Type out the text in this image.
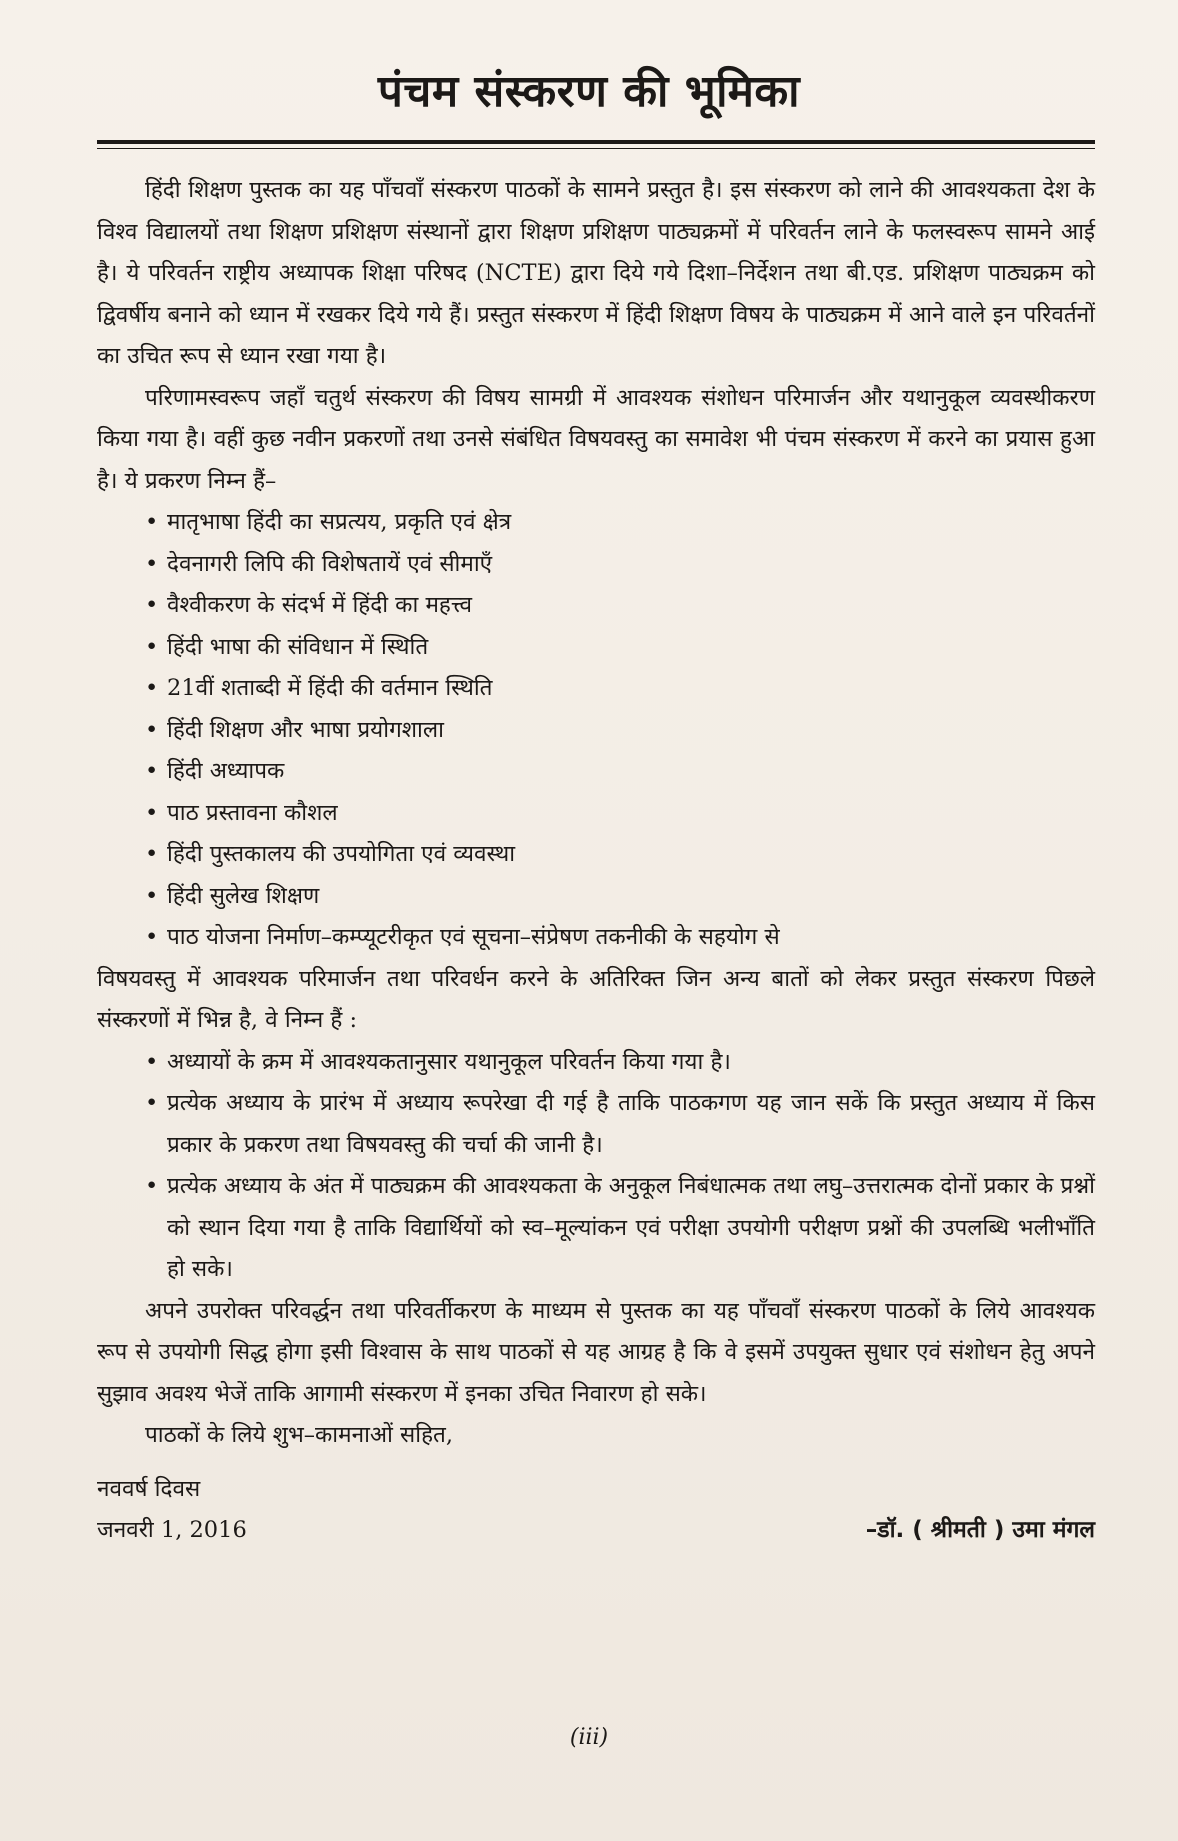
पंचम संस्करण की भूमिका

हिंदी शिक्षण पुस्तक का यह पाँचवाँ संस्करण पाठकों के सामने प्रस्तुत है। इस संस्करण को लाने की आवश्यकता देश के विश्व विद्यालयों तथा शिक्षण प्रशिक्षण संस्थानों द्वारा शिक्षण प्रशिक्षण पाठ्यक्रमों में परिवर्तन लाने के फलस्वरूप सामने आई है। ये परिवर्तन राष्ट्रीय अध्यापक शिक्षा परिषद (NCTE) द्वारा दिये गये दिशा–निर्देशन तथा बी.एड. प्रशिक्षण पाठ्यक्रम को द्विवर्षीय बनाने को ध्यान में रखकर दिये गये हैं। प्रस्तुत संस्करण में हिंदी शिक्षण विषय के पाठ्यक्रम में आने वाले इन परिवर्तनों का उचित रूप से ध्यान रखा गया है।

परिणामस्वरूप जहाँ चतुर्थ संस्करण की विषय सामग्री में आवश्यक संशोधन परिमार्जन और यथानुकूल व्यवस्थीकरण किया गया है। वहीं कुछ नवीन प्रकरणों तथा उनसे संबंधित विषयवस्तु का समावेश भी पंचम संस्करण में करने का प्रयास हुआ है। ये प्रकरण निम्न हैं–

• मातृभाषा हिंदी का सप्रत्यय, प्रकृति एवं क्षेत्र
• देवनागरी लिपि की विशेषतायें एवं सीमाएँ
• वैश्वीकरण के संदर्भ में हिंदी का महत्त्व
• हिंदी भाषा की संविधान में स्थिति
• 21वीं शताब्दी में हिंदी की वर्तमान स्थिति
• हिंदी शिक्षण और भाषा प्रयोगशाला
• हिंदी अध्यापक
• पाठ प्रस्तावना कौशल
• हिंदी पुस्तकालय की उपयोगिता एवं व्यवस्था
• हिंदी सुलेख शिक्षण
• पाठ योजना निर्माण–कम्प्यूटरीकृत एवं सूचना–संप्रेषण तकनीकी के सहयोग से

विषयवस्तु में आवश्यक परिमार्जन तथा परिवर्धन करने के अतिरिक्त जिन अन्य बातों को लेकर प्रस्तुत संस्करण पिछले संस्करणों में भिन्न है, वे निम्न हैं :

• अध्यायों के क्रम में आवश्यकतानुसार यथानुकूल परिवर्तन किया गया है।
• प्रत्येक अध्याय के प्रारंभ में अध्याय रूपरेखा दी गई है ताकि पाठकगण यह जान सकें कि प्रस्तुत अध्याय में किस प्रकार के प्रकरण तथा विषयवस्तु की चर्चा की जानी है।
• प्रत्येक अध्याय के अंत में पाठ्यक्रम की आवश्यकता के अनुकूल निबंधात्मक तथा लघु–उत्तरात्मक दोनों प्रकार के प्रश्नों को स्थान दिया गया है ताकि विद्यार्थियों को स्व–मूल्यांकन एवं परीक्षा उपयोगी परीक्षण प्रश्नों की उपलब्धि भलीभाँति हो सके।

अपने उपरोक्त परिवर्द्धन तथा परिवर्तीकरण के माध्यम से पुस्तक का यह पाँचवाँ संस्करण पाठकों के लिये आवश्यक रूप से उपयोगी सिद्ध होगा इसी विश्वास के साथ पाठकों से यह आग्रह है कि वे इसमें उपयुक्त सुधार एवं संशोधन हेतु अपने सुझाव अवश्य भेजें ताकि आगामी संस्करण में इनका उचित निवारण हो सके।

पाठकों के लिये शुभ–कामनाओं सहित,
नववर्ष दिवस
जनवरी 1, 2016	–डॉ. ( श्रीमती ) उमा मंगल
(iii)
